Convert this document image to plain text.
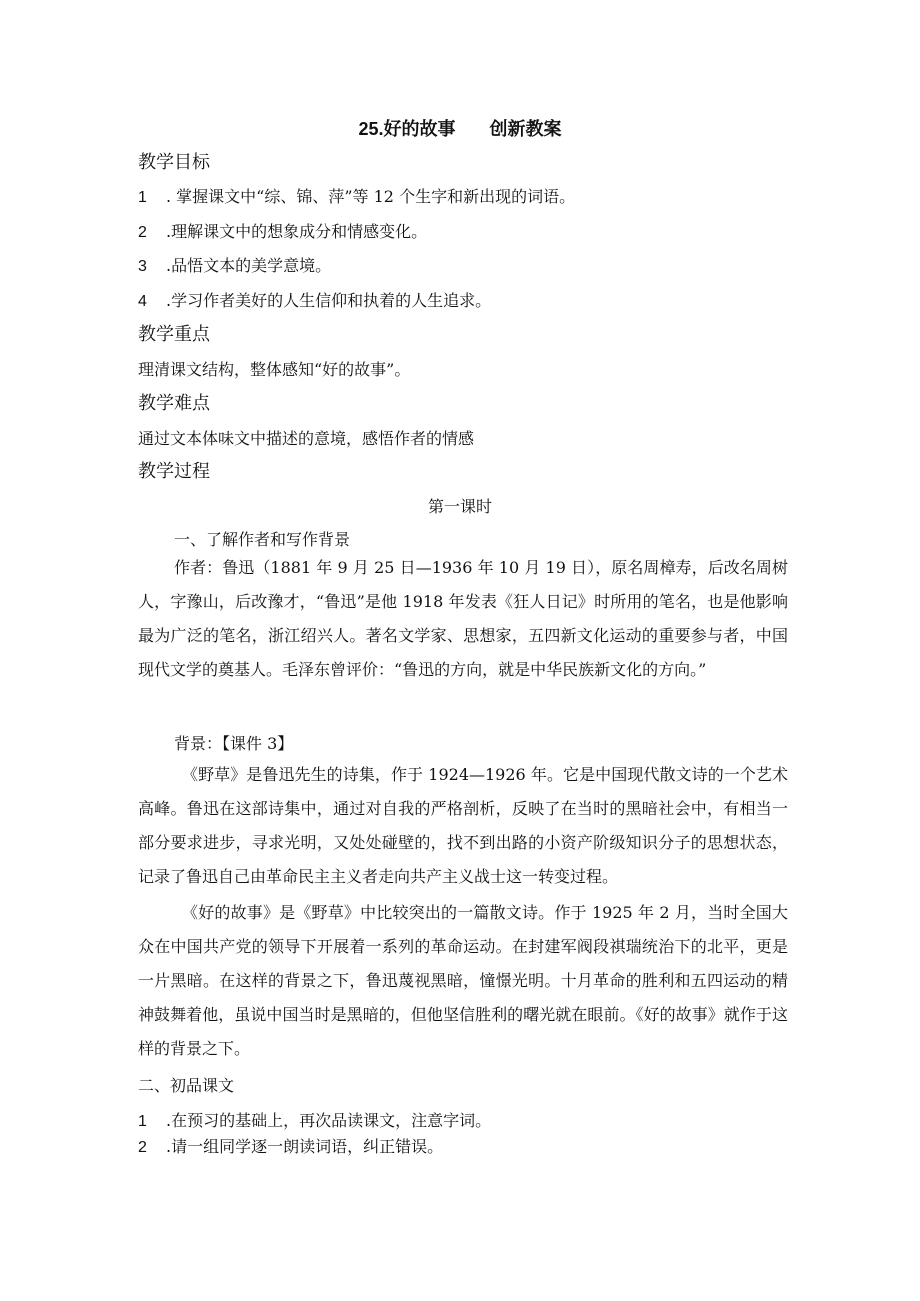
25.好的故事 创新教案
教学目标
1 . 掌握课文中“综、锦、萍”等 12 个生字和新出现的词语。
2 .理解课文中的想象成分和情感变化。
3 .品悟文本的美学意境。
4 .学习作者美好的人生信仰和执着的人生追求。
教学重点
理清课文结构，整体感知“好的故事”。
教学难点
通过文本体味文中描述的意境，感悟作者的情感
教学过程
第一课时
一、了解作者和写作背景
作者：鲁迅（1881 年 9 月 25 日—1936 年 10 月 19 日），原名周樟寿，后改名周树人，字豫山，后改豫才，“鲁迅”是他 1918 年发表《狂人日记》时所用的笔名，也是他影响最为广泛的笔名，浙江绍兴人。著名文学家、思想家，五四新文化运动的重要参与者，中国现代文学的奠基人。毛泽东曾评价：“鲁迅的方向，就是中华民族新文化的方向。”
背景：【课件 3】
《野草》是鲁迅先生的诗集，作于 1924—1926 年。它是中国现代散文诗的一个艺术高峰。鲁迅在这部诗集中，通过对自我的严格剖析，反映了在当时的黑暗社会中，有相当一部分要求进步，寻求光明，又处处碰壁的，找不到出路的小资产阶级知识分子的思想状态，记录了鲁迅自己由革命民主主义者走向共产主义战士这一转变过程。
《好的故事》是《野草》中比较突出的一篇散文诗。作于 1925 年 2 月，当时全国大众在中国共产党的领导下开展着一系列的革命运动。在封建军阀段祺瑞统治下的北平，更是一片黑暗。在这样的背景之下，鲁迅蔑视黑暗，憧憬光明。十月革命的胜利和五四运动的精神鼓舞着他，虽说中国当时是黑暗的，但他坚信胜利的曙光就在眼前。《好的故事》就作于这样的背景之下。
二、初品课文
1 .在预习的基础上，再次品读课文，注意字词。
2 .请一组同学逐一朗读词语，纠正错误。
